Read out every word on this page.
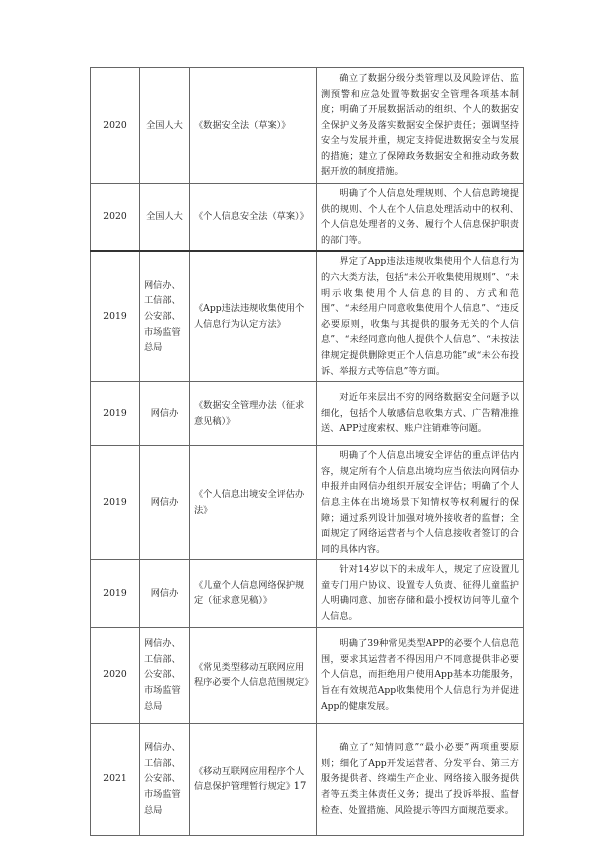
2020	全国人大	《数据安全法（草案）》	确立了数据分级分类管理以及风险评估、监测预警和应急处置等数据安全管理各项基本制度；明确了开展数据活动的组织、个人的数据安全保护义务及落实数据安全保护责任；强调坚持安全与发展并重，规定支持促进数据安全与发展的措施；建立了保障政务数据安全和推动政务数据开放的制度措施。

2020	全国人大	《个人信息安全法（草案）》	明确了个人信息处理规则、个人信息跨境提供的规则、个人在个人信息处理活动中的权利、个人信息处理者的义务、履行个人信息保护职责的部门等。

2019	网信办、工信部、公安部、市场监管总局	《App违法违规收集使用个人信息行为认定方法》	界定了App违法违规收集使用个人信息行为的六大类方法，包括“未公开收集使用规则”、“未明示收集使用个人信息的目的、方式和范围”、“未经用户同意收集使用个人信息”、“违反必要原则，收集与其提供的服务无关的个人信息”、“未经同意向他人提供个人信息”、“未按法律规定提供删除更正个人信息功能”或“未公布投诉、举报方式等信息”等方面。

2019	网信办	《数据安全管理办法（征求意见稿）》	对近年来层出不穷的网络数据安全问题予以细化，包括个人敏感信息收集方式、广告精准推送、APP过度索权、账户注销难等问题。

2019	网信办	《个人信息出境安全评估办法》	明确了个人信息出境安全评估的重点评估内容，规定所有个人信息出境均应当依法向网信办申报并由网信办组织开展安全评估；明确了个人信息主体在出境场景下知情权等权利履行的保障；通过系列设计加强对境外接收者的监督；全面规定了网络运营者与个人信息接收者签订的合同的具体内容。

2019	网信办	《儿童个人信息网络保护规定（征求意见稿）》	针对14岁以下的未成年人，规定了应设置儿童专门用户协议、设置专人负责、征得儿童监护人明确同意、加密存储和最小授权访问等儿童个人信息。

2020	网信办、工信部、公安部、市场监管总局	《常见类型移动互联网应用程序必要个人信息范围规定》	明确了39种常见类型APP的必要个人信息范围，要求其运营者不得因用户不同意提供非必要个人信息，而拒绝用户使用App基本功能服务，旨在有效规范App收集使用个人信息行为并促进App的健康发展。

2021	网信办、工信部、公安部、市场监管总局	《移动互联网应用程序个人信息保护管理暂行规定》	确立了“知情同意”“最小必要”两项重要原则；细化了App开发运营者、分发平台、第三方服务提供者、终端生产企业、网络接入服务提供者等五类主体责任义务；提出了投诉举报、监督检查、处置措施、风险提示等四方面规范要求。
17
